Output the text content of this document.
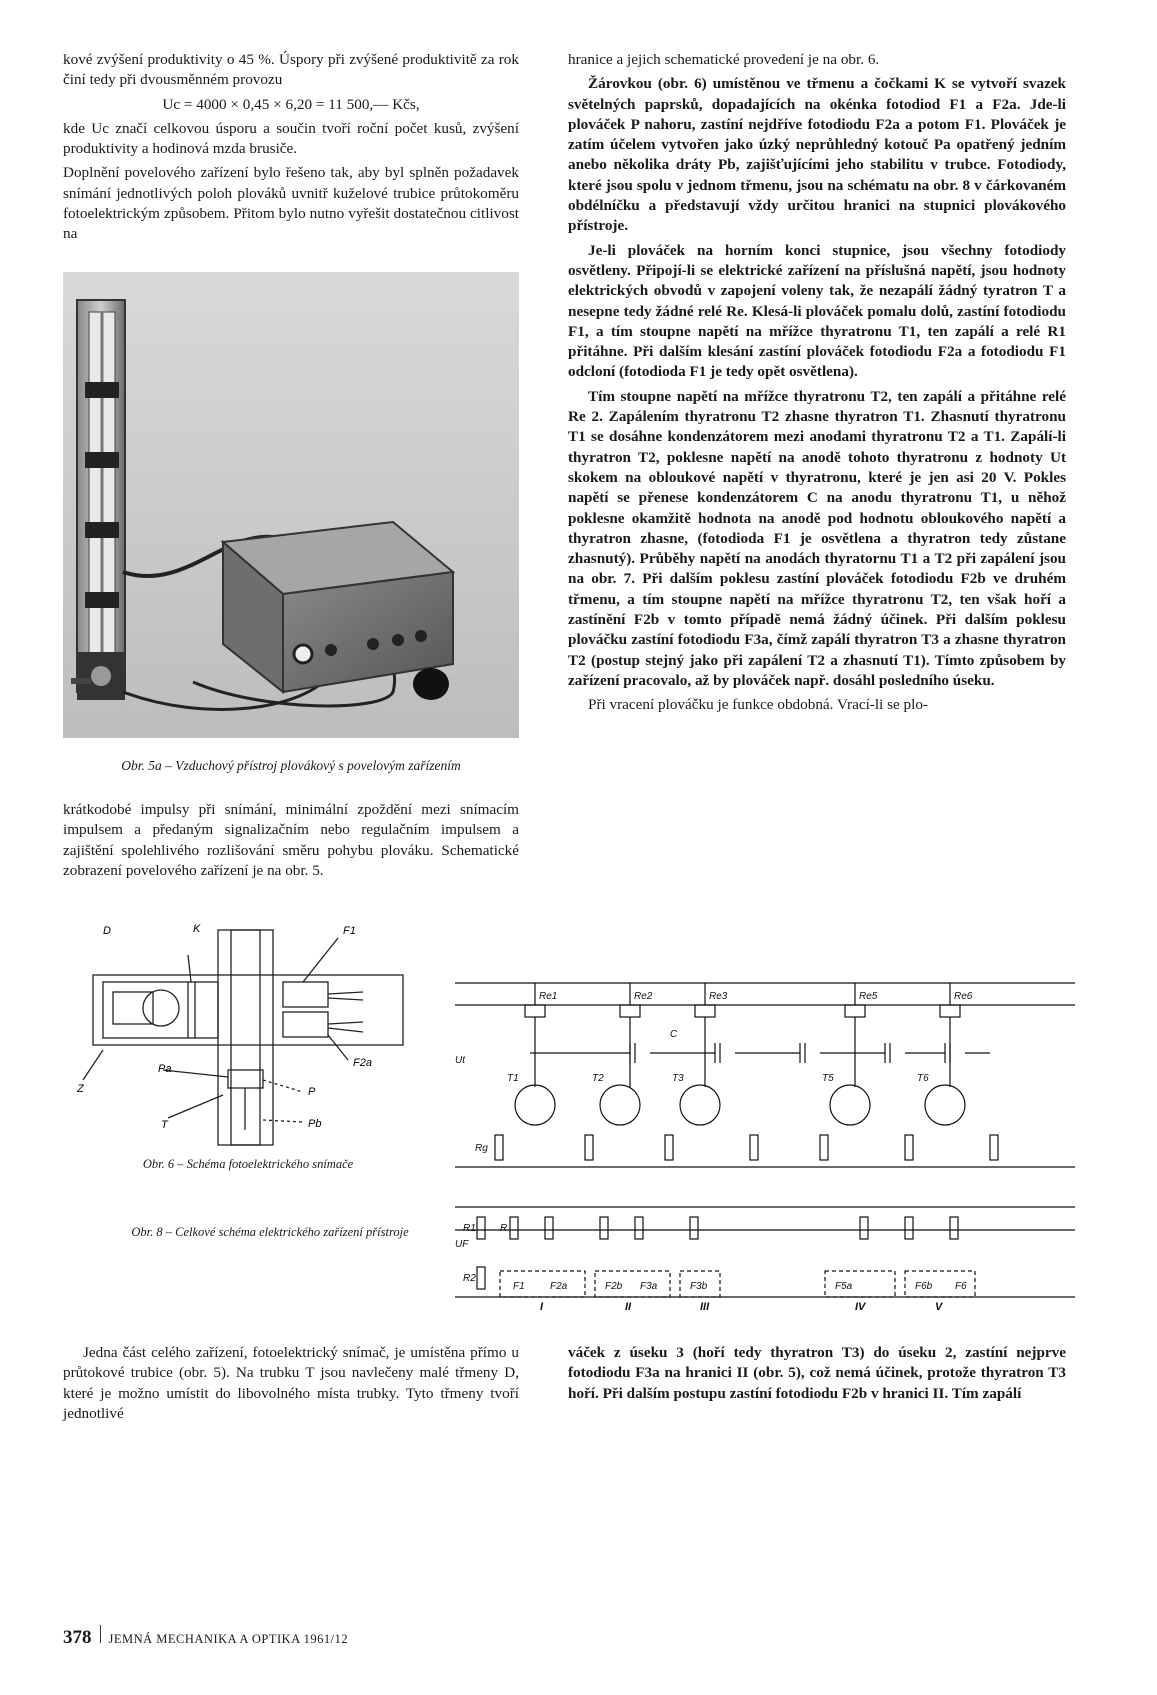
kové zvýšení produktivity o 45 %. Úspory při zvýšené produktivitě za rok činí tedy při dvousměnném provozu

Uc = 4000 × 0,45 × 6,20 = 11 500,— Kčs,

kde Uc značí celkovou úsporu a součin tvoří roční počet kusů, zvýšení produktivity a hodinová mzda brusiče.

Doplnění povelového zařízení bylo řešeno tak, aby byl splněn požadavek snímání jednotlivých poloh plováků uvnitř kuželové trubice průtokoměru fotoelektrickým způsobem. Přitom bylo nutno vyřešit dostatečnou citlivost na

Obr. 5a – Vzduchový přístroj plovákový s povelovým zařízením

krátkodobé impulsy při snímání, minimální zpoždění mezi snímacím impulsem a předaným signalizačním nebo regulačním impulsem a zajištění spolehlivého rozlišování směru pohybu plováku. Schematické zobrazení povelového zařízení je na obr. 5.

hranice a jejich schematické provedení je na obr. 6.

Žárovkou (obr. 6) umístěnou ve třmenu a čočkami K se vytvoří svazek světelných paprsků, dopadajících na okénka fotodiod F1 a F2a. Jde-li plováček P nahoru, zastíní nejdříve fotodiodu F2a a potom F1. Plováček je zatím účelem vytvořen jako úzký neprůhledný kotouč Pa opatřený jedním anebo několika dráty Pb, zajišťujícími jeho stabilitu v trubce. Fotodiody, které jsou spolu v jednom třmenu, jsou na schématu na obr. 8 v čárkovaném obdélníčku a představují vždy určitou hranici na stupnici plovákového přístroje.

Je-li plováček na horním konci stupnice, jsou všechny fotodiody osvětleny. Připojí-li se elektrické zařízení na příslušná napětí, jsou hodnoty elektrických obvodů v zapojení voleny tak, že nezapálí žádný tyratron T a nesepne tedy žádné relé Re. Klesá-li plováček pomalu dolů, zastíní fotodiodu F1, a tím stoupne napětí na mřížce thyratronu T1, ten zapálí a relé R1 přitáhne. Při dalším klesání zastíní plováček fotodiodu F2a a fotodiodu F1 odcloní (fotodioda F1 je tedy opět osvětlena).

Tím stoupne napětí na mřížce thyratronu T2, ten zapálí a přitáhne relé Re 2. Zapálením thyratronu T2 zhasne thyratron T1. Zhasnutí thyratronu T1 se dosáhne kondenzátorem mezi anodami thyratronu T2 a T1. Zapálí-li thyratron T2, poklesne napětí na anodě tohoto thyratronu z hodnoty Ut skokem na obloukové napětí v thyratronu, které je jen asi 20 V. Pokles napětí se přenese kondenzátorem C na anodu thyratronu T1, u něhož poklesne okamžitě hodnota na anodě pod hodnotu obloukového napětí a thyratron zhasne, (fotodioda F1 je osvětlena a thyratron tedy zůstane zhasnutý). Průběhy napětí na anodách thyratornu T1 a T2 při zapálení jsou na obr. 7. Při dalším poklesu zastíní plováček fotodiodu F2b ve druhém třmenu, a tím stoupne napětí na mřížce thyratronu T2, ten však hoří a zastínění F2b v tomto případě nemá žádný účinek. Při dalším poklesu plováčku zastíní fotodiodu F3a, čímž zapálí thyratron T3 a zhasne thyratron T2 (postup stejný jako při zapálení T2 a zhasnutí T1). Tímto způsobem by zařízení pracovalo, až by plováček např. dosáhl posledního úseku.

Při vracení plováčku je funkce obdobná. Vrací-li se plo-

D	K	F1
F2a
Pa
P
Z
T	Pb
Obr. 6 – Schéma fotoelektrického snímače
Obr. 8 – Celkové schéma elektrického zařízení přístroje
Re1	Re2	Re3	Re5	Re6
T1	T2	T3	T5	T6
C
Ut
UF
Rg
R1
R2
R
F1	F2a	F2b F3a	F3b	F5a	F6b F6
I	II	III	IV	V

Jedna část celého zařízení, fotoelektrický snímač, je umístěna přímo u průtokové trubice (obr. 5). Na trubku T jsou navlečeny malé třmeny D, které je možno umístit do libovolného místa trubky. Tyto třmeny tvoří jednotlivé

váček z úseku 3 (hoří tedy thyratron T3) do úseku 2, zastíní nejprve fotodiodu F3a na hranici II (obr. 5), což nemá účinek, protože thyratron T3 hoří. Při dalším postupu zastíní fotodiodu F2b v hranici II. Tím zapálí

378 JEMNÁ MECHANIKA A OPTIKA 1961/12
